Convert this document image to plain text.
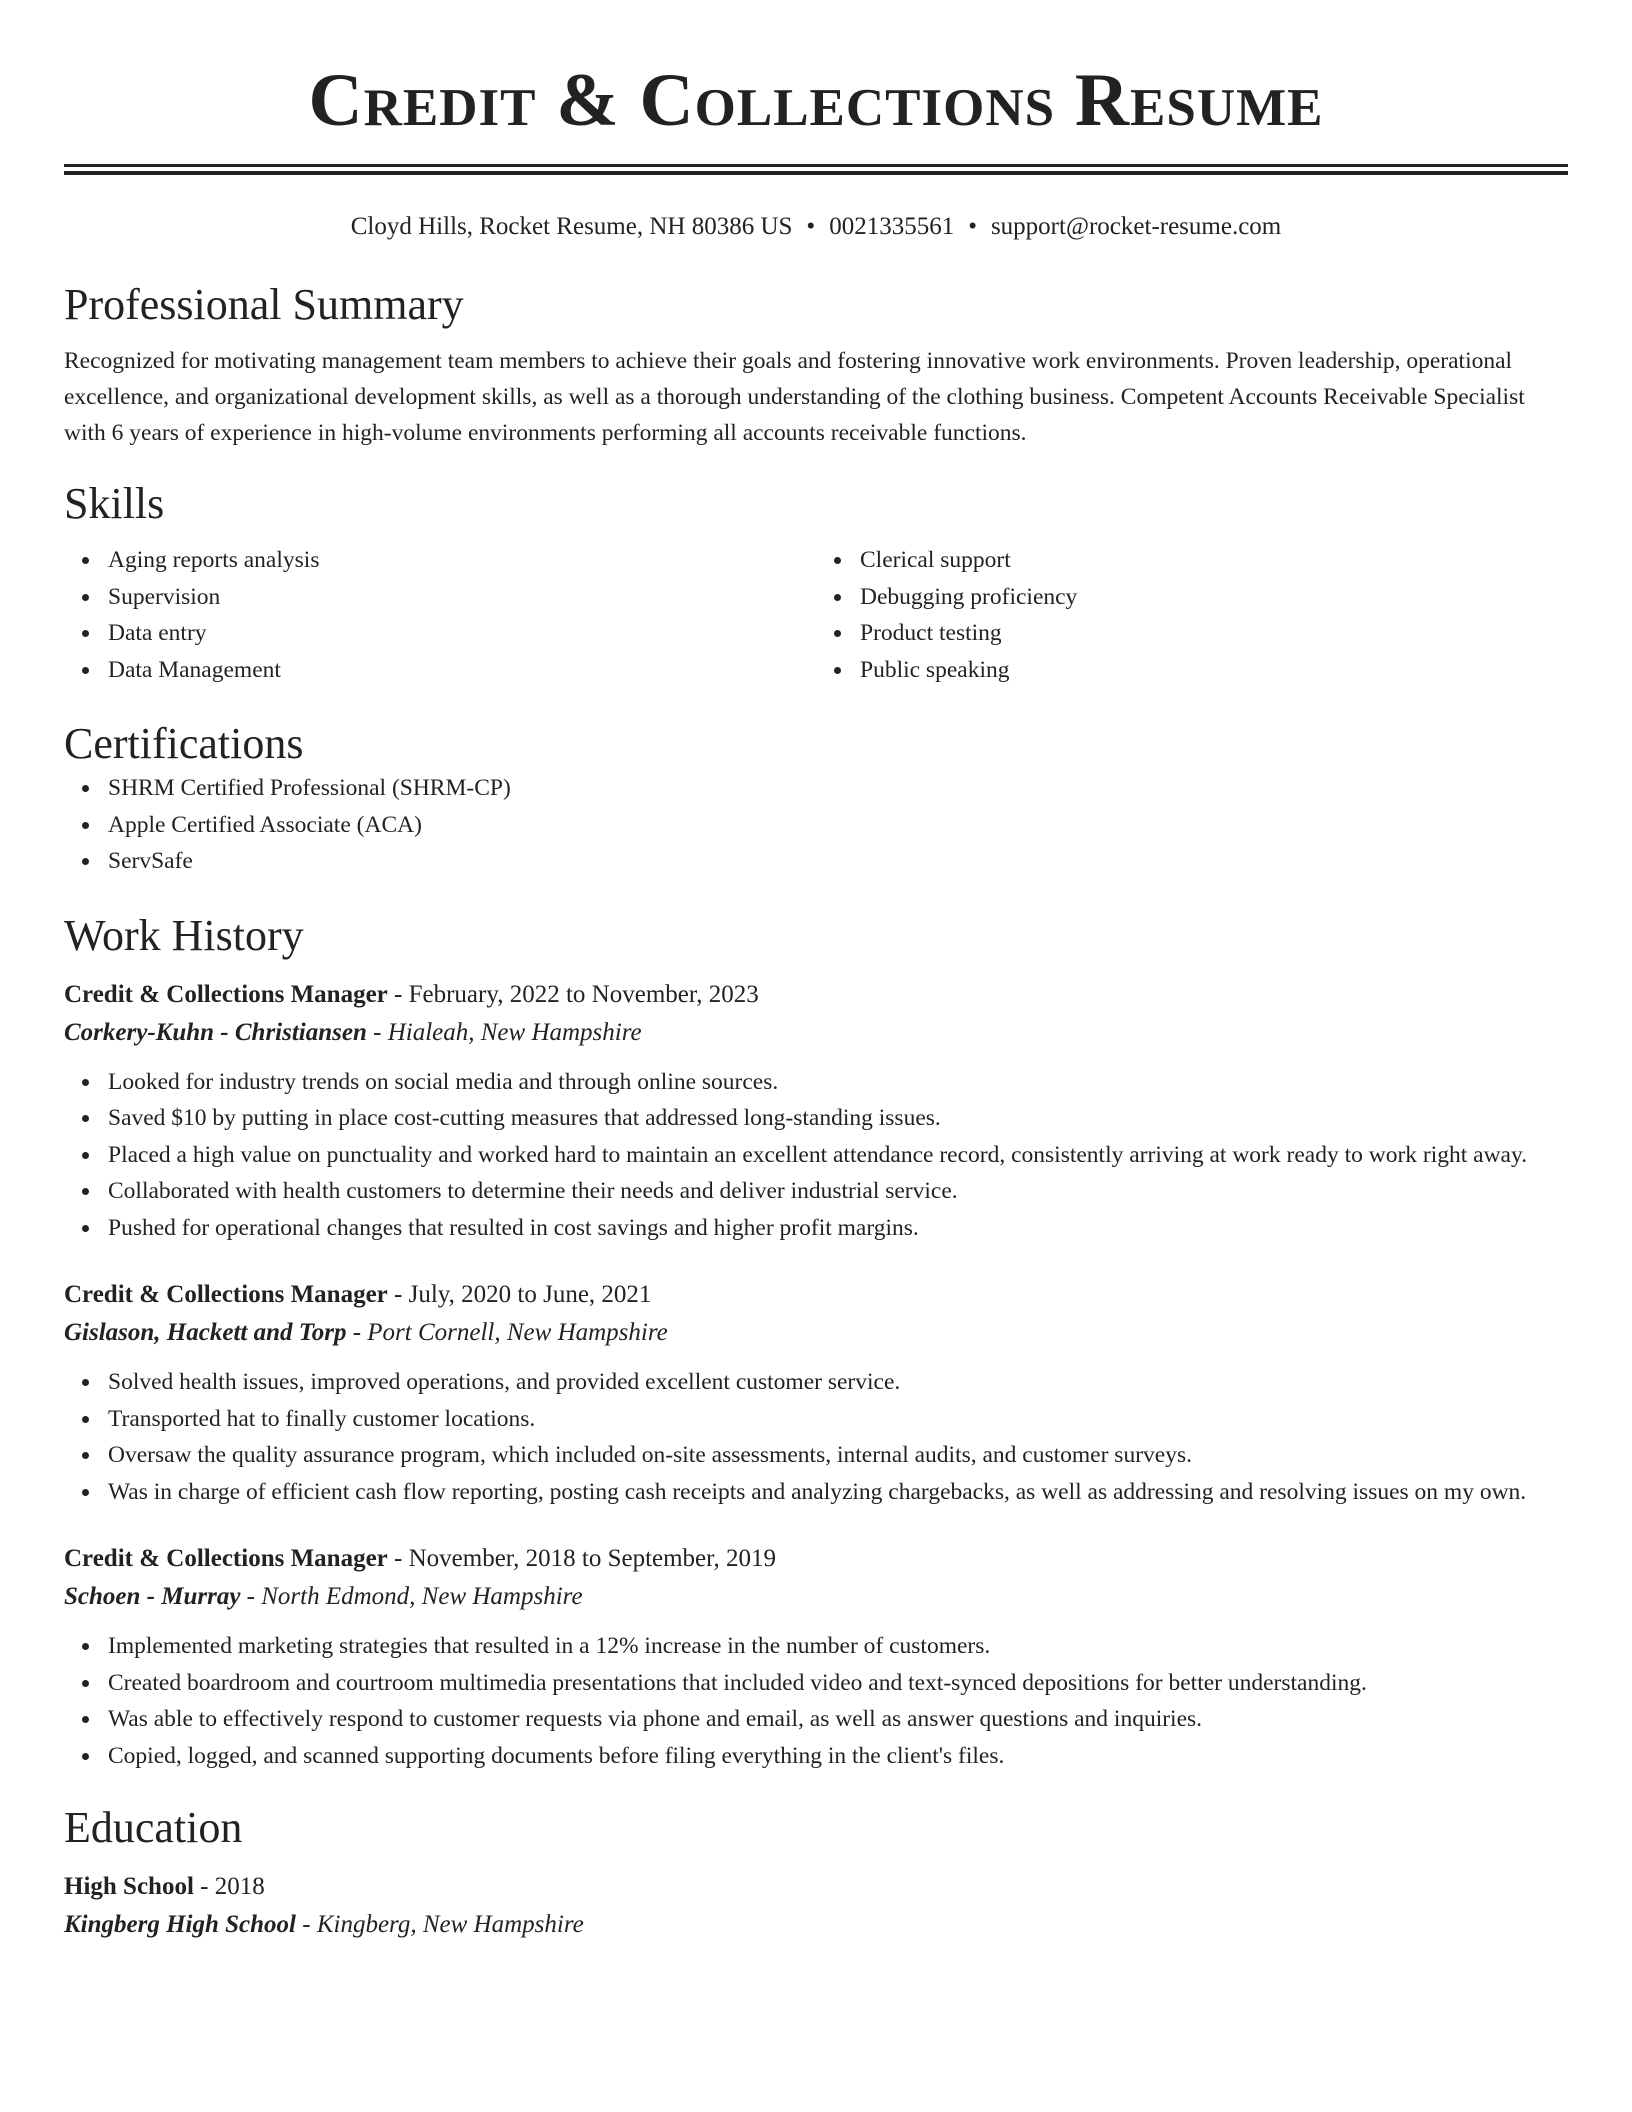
Credit & Collections Resume
Cloyd Hills, Rocket Resume, NH 80386 US • 0021335561 • support@rocket-resume.com
Professional Summary

Recognized for motivating management team members to achieve their goals and fostering innovative work environments. Proven leadership, operational excellence, and organizational development skills, as well as a thorough understanding of the clothing business. Competent Accounts Receivable Specialist with 6 years of experience in high-volume environments performing all accounts receivable functions.

Skills
Aging reports analysis
Supervision
Data entry
Data Management
Clerical support
Debugging proficiency
Product testing
Public speaking
Certifications
SHRM Certified Professional (SHRM-CP)
Apple Certified Associate (ACA)
ServSafe
Work History
Credit & Collections Manager - February, 2022 to November, 2023
Corkery-Kuhn - Christiansen - Hialeah, New Hampshire
Looked for industry trends on social media and through online sources.
Saved $10 by putting in place cost-cutting measures that addressed long-standing issues.
Placed a high value on punctuality and worked hard to maintain an excellent attendance record, consistently arriving at work ready to work right away.
Collaborated with health customers to determine their needs and deliver industrial service.
Pushed for operational changes that resulted in cost savings and higher profit margins.
Credit & Collections Manager - July, 2020 to June, 2021
Gislason, Hackett and Torp - Port Cornell, New Hampshire
Solved health issues, improved operations, and provided excellent customer service.
Transported hat to finally customer locations.
Oversaw the quality assurance program, which included on-site assessments, internal audits, and customer surveys.
Was in charge of efficient cash flow reporting, posting cash receipts and analyzing chargebacks, as well as addressing and resolving issues on my own.
Credit & Collections Manager - November, 2018 to September, 2019
Schoen - Murray - North Edmond, New Hampshire
Implemented marketing strategies that resulted in a 12% increase in the number of customers.
Created boardroom and courtroom multimedia presentations that included video and text-synced depositions for better understanding.
Was able to effectively respond to customer requests via phone and email, as well as answer questions and inquiries.
Copied, logged, and scanned supporting documents before filing everything in the client's files.
Education
High School - 2018
Kingberg High School - Kingberg, New Hampshire
